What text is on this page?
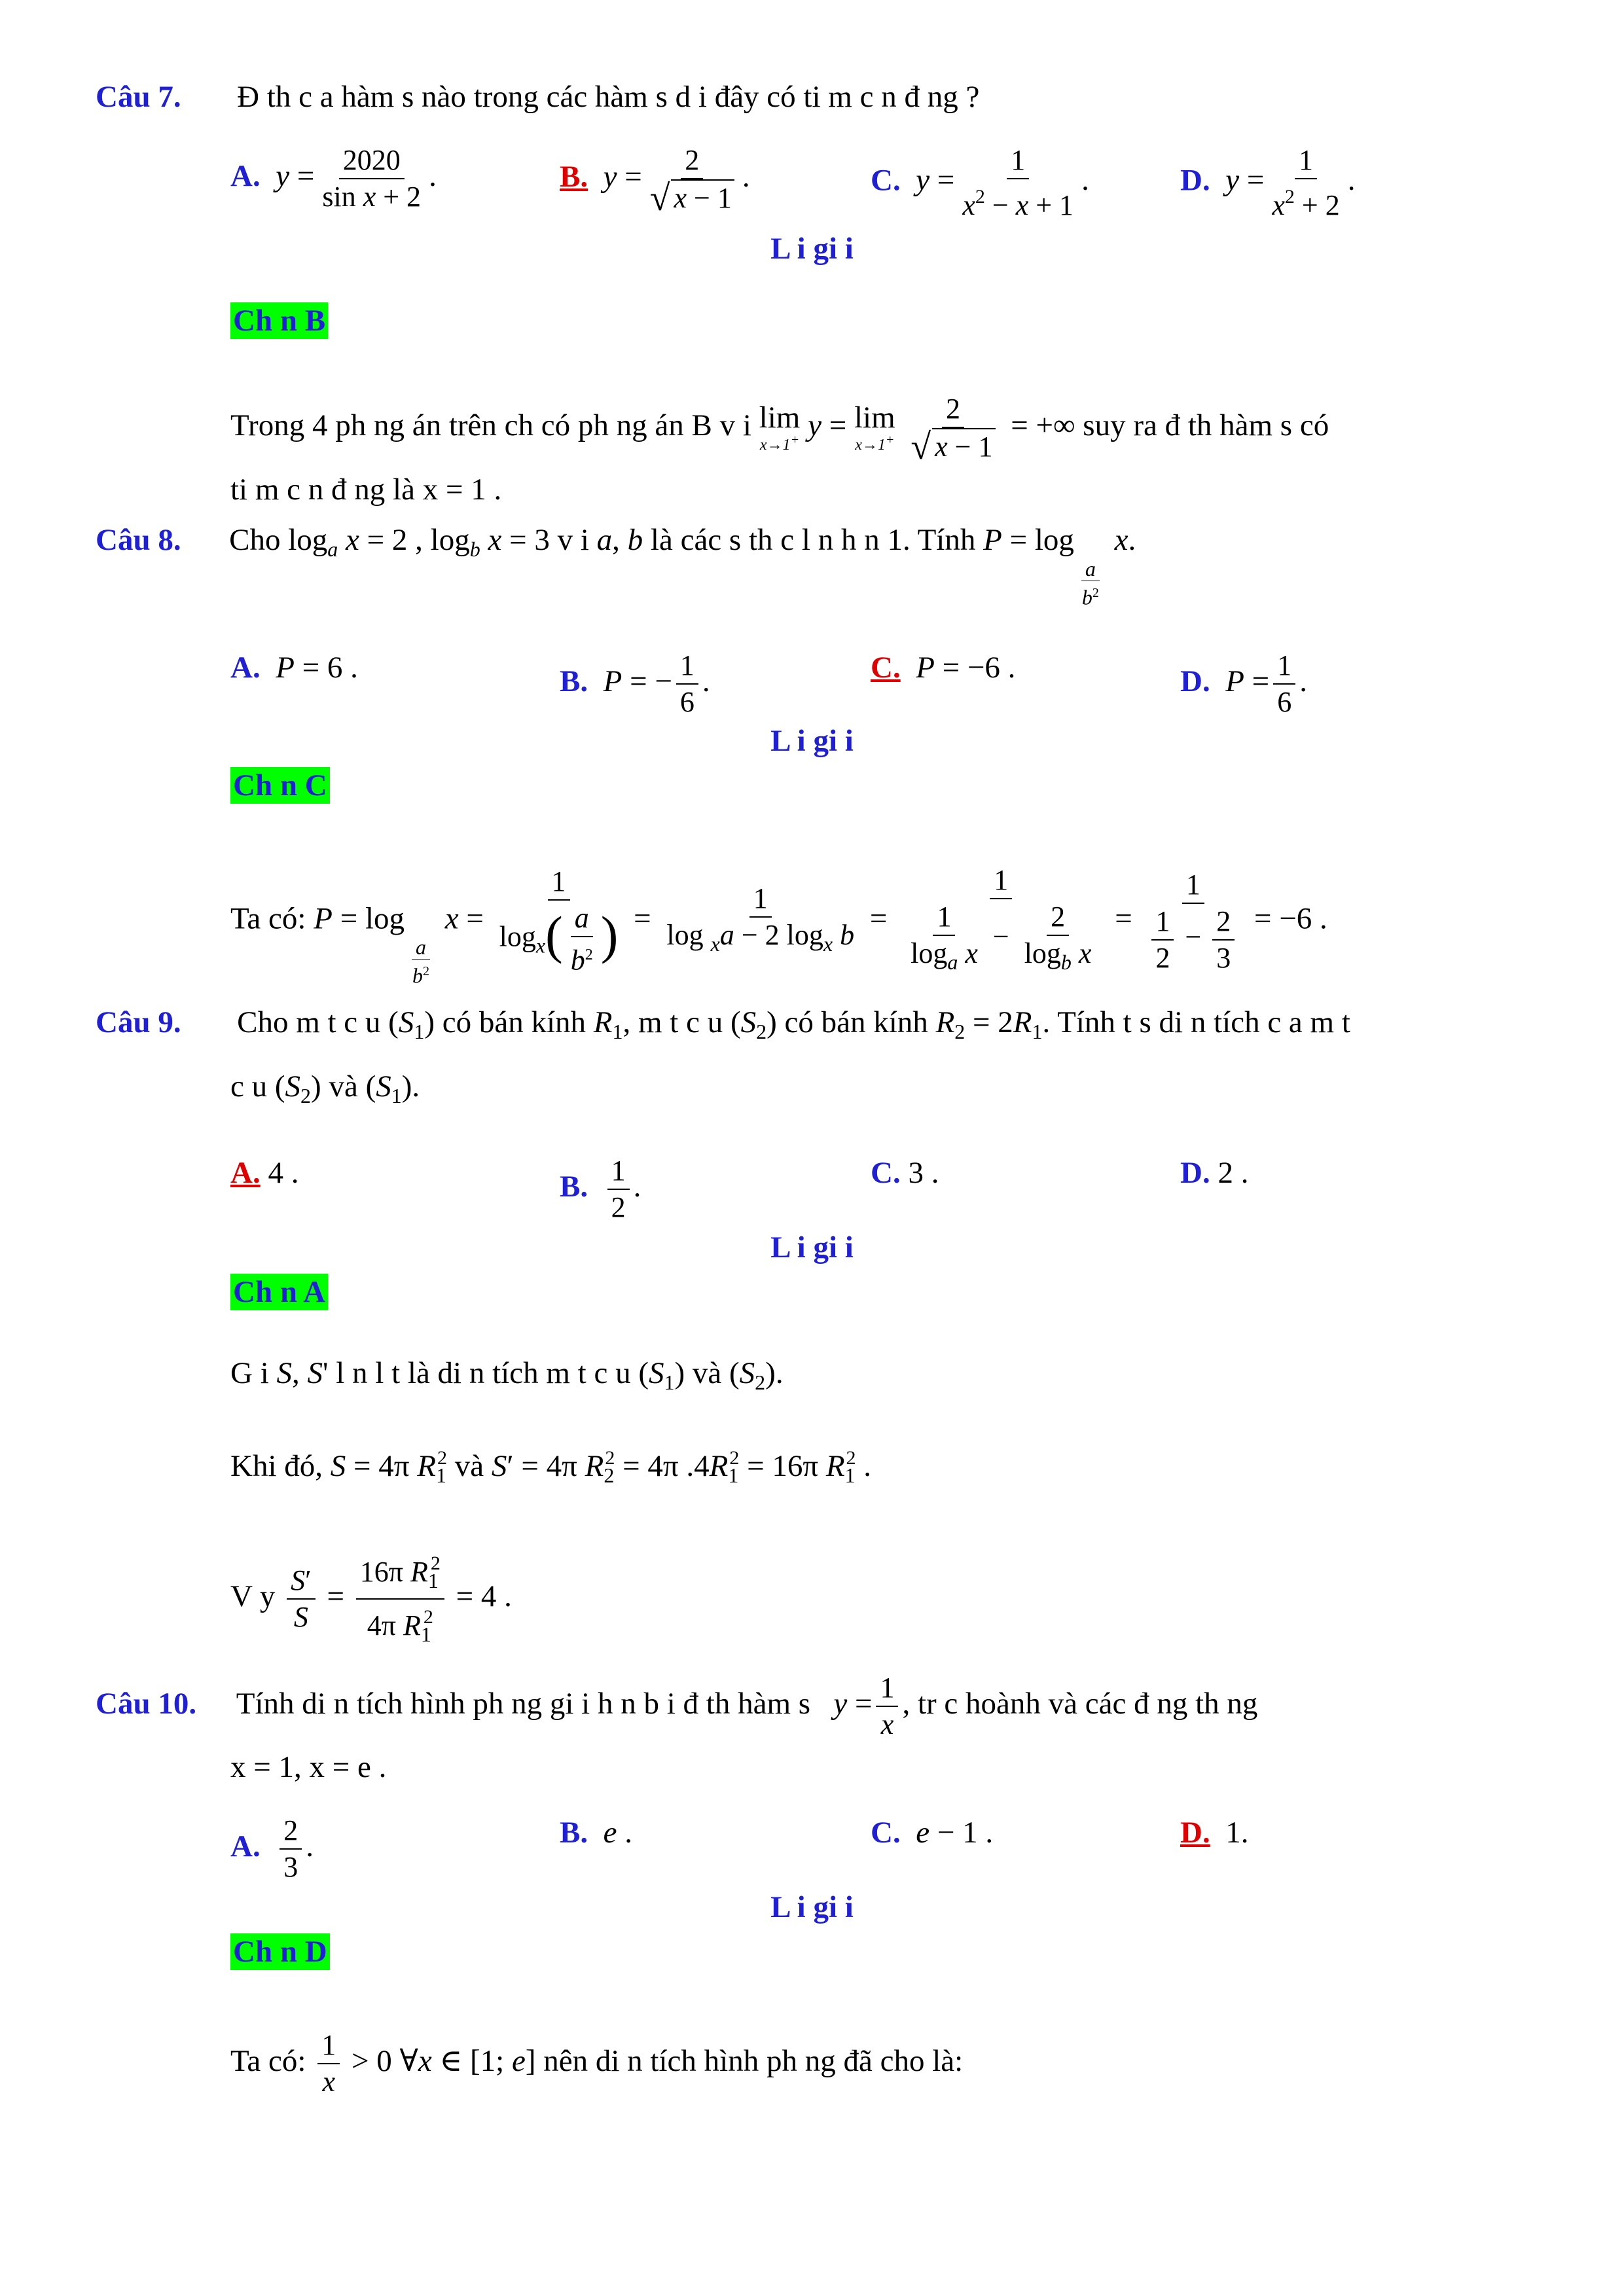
Câu 7. Đ th c a hàm s nào trong các hàm s d i đây có ti m c n đ ng ?
A. $y = \frac{2020}{\text{sin x + 2}}$ .	B. $y = \frac{2}{√ x - 1}$ .	C. $y = \frac{1}{x^2 - x + 1}$ .	D. $y = \frac{1}{x^2 + 2}$ .
L i gi i
Ch n B
Trong 4 ph ng án trên ch có ph ng án B v i lim
x→1+ y = lim
x→1+
$\frac{2}{√ x - 1}$ = +∞ suy ra đ th hàm s có
ti m c n đ ng là x = 1 .
Câu 8. Cho $\log_a x = 2$ , $\log_b x = 3$ v i a, b là các s th c l n h n 1. Tính P = log
$\frac{a}{b^2}$
x.
A. P = 6 .	B. P = − $\frac{1}{6}$ .	C. P = −6 .	D. $P = \frac{1}{6}$ .
L i gi i
Ch n C
Ta có: P = log
$\frac{a}{b^2}$
$x = \frac{1}{\log_x( \frac{a}{b^2} )} = \frac{1}{\log _xa - 2 \log_x b} = \frac{1}{\frac{1}{\log_a x} - \frac{2}{\log_b x}} = \frac{1}{\frac{1}{2} - \frac{2}{3}} = -6$ .
Câu 9. Cho m t c u $(S_1)$ có bán kính $R_1$, m t c u $(S_2)$ có bán kính $R_2 = 2R_1$. Tính t s di n tích c a m t
c u $(S_2)$ và $(S_1)$.
A. 4 .	B. $\frac{1}{2}$ .	C. 3 .	D. 2 .
L i gi i
Ch n A
G i S, S' l n l t là di n tích m t c u $(S_1)$ và $(S_2)$.
Khi đó, S = 4π $R_1^2$ và S′ = 4π $R_2^2 = 4\pi$ $.4R_1^2 = 16\pi$ $R_1^2$ .
V y $\frac{S'}{S} = \frac{16\pi R_1^2}{4\pi R_1^2} = 4$ .
Câu 10. Tính di n tích hình ph ng gi i h n b i đ th hàm s $y = \frac{1}{x}$ , tr c hoành và các đ ng th ng
x = 1, x = e .
A. $\frac{2}{3}$ .	B. e .	C. e − 1 .	D.  1.
L i gi i
Ch n D
Ta có: $\frac{1}{x} > 0$ ∀x ∈ [1; e] nên di n tích hình ph ng đã cho là:
